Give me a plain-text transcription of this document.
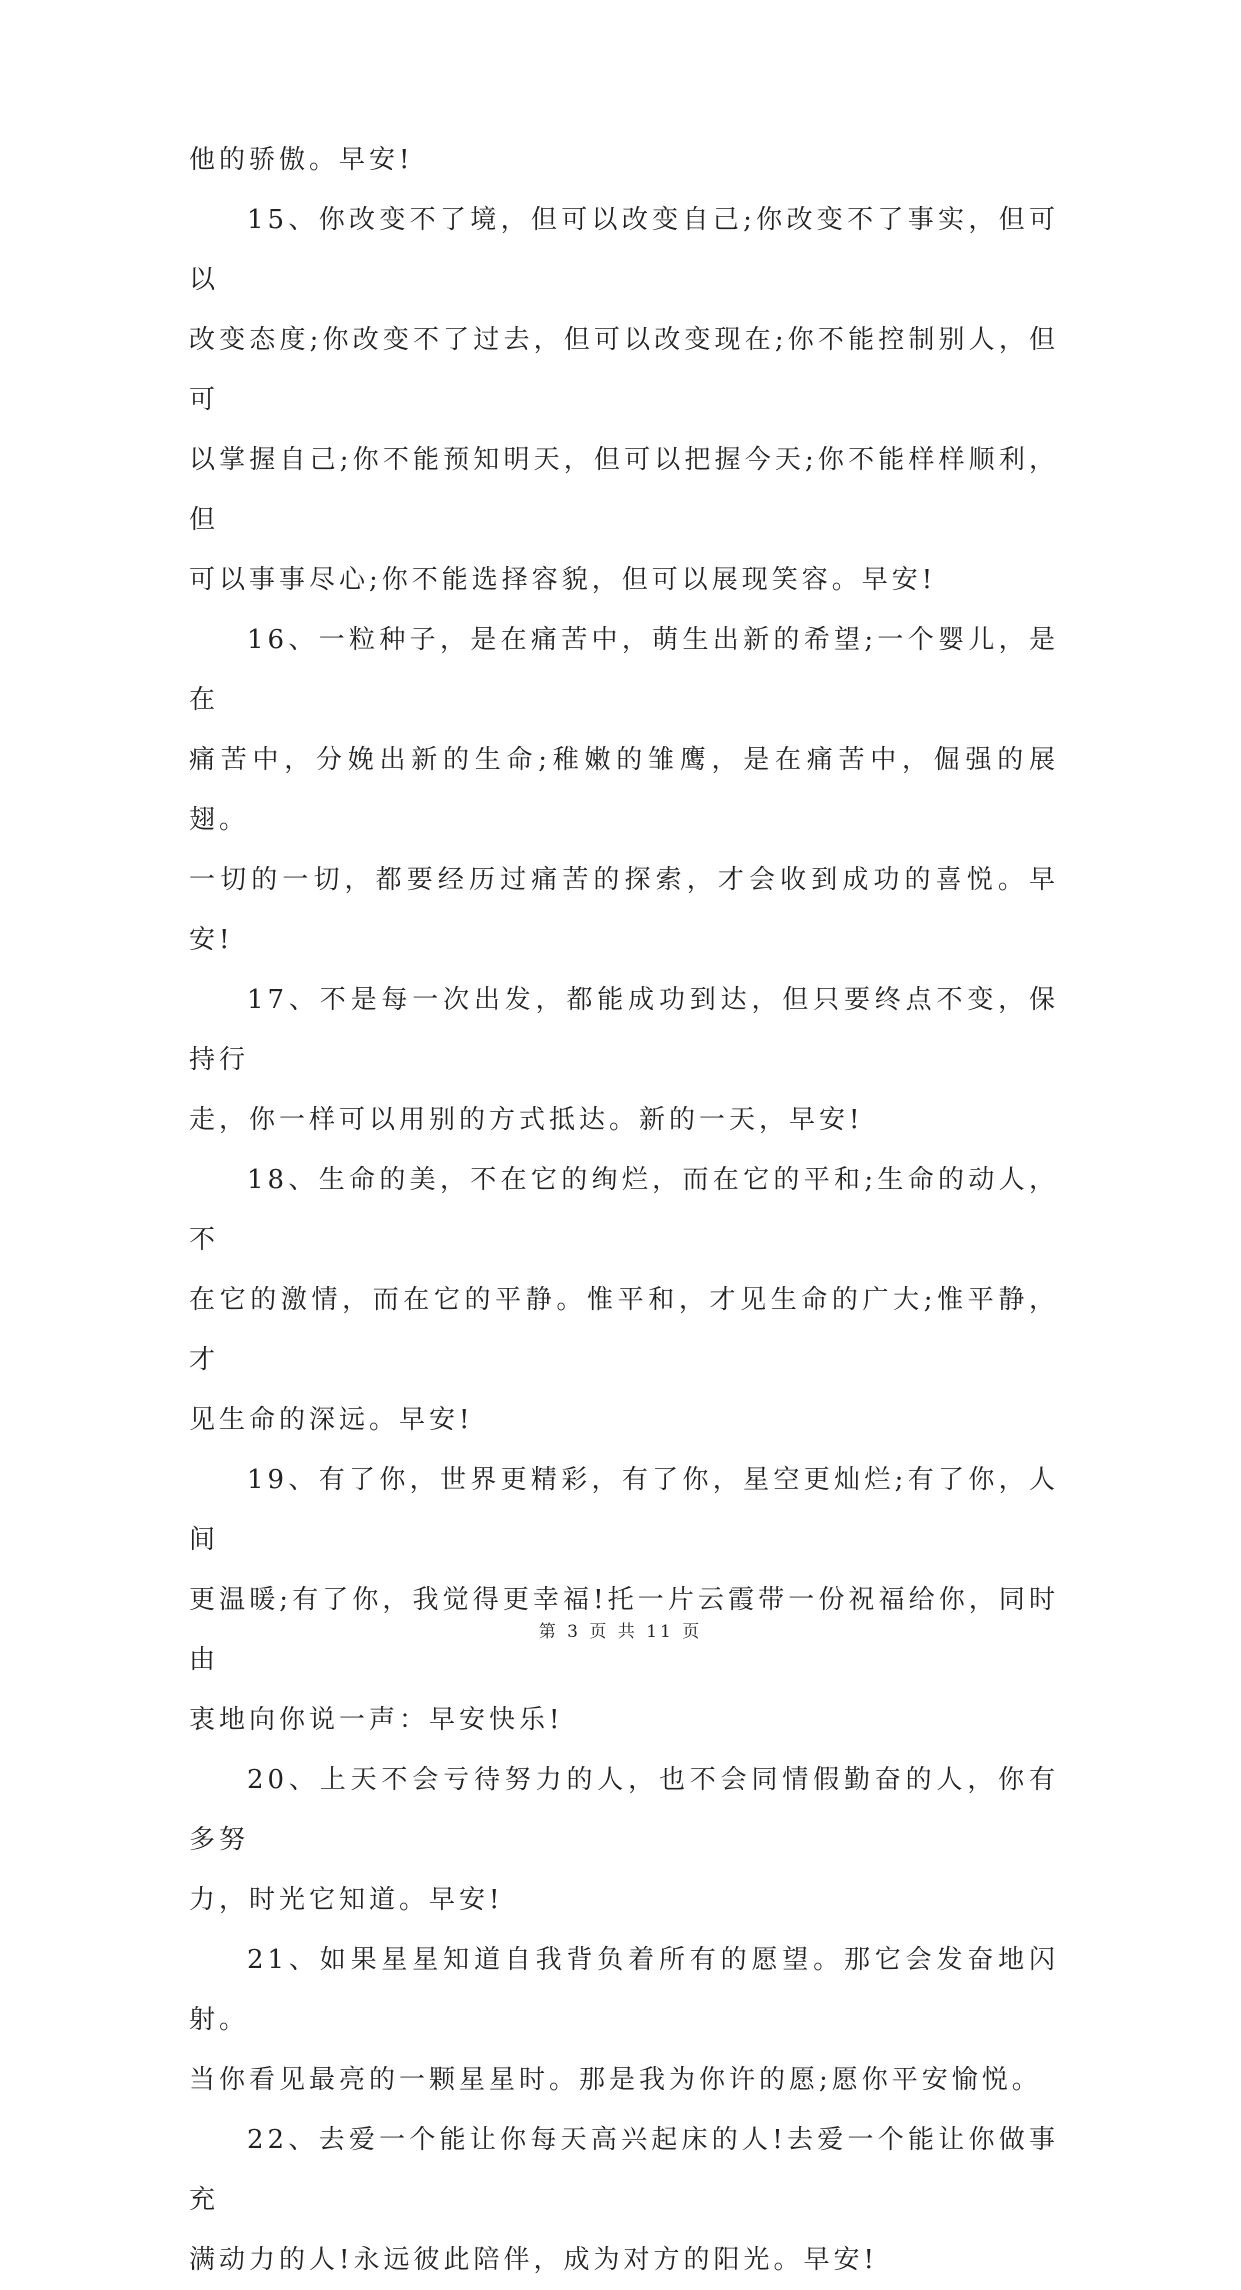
他的骄傲。早安!

15、你改变不了境，但可以改变自己;你改变不了事实，但可以
改变态度;你改变不了过去，但可以改变现在;你不能控制别人，但可
以掌握自己;你不能预知明天，但可以把握今天;你不能样样顺利，但
可以事事尽心;你不能选择容貌，但可以展现笑容。早安!

16、一粒种子，是在痛苦中，萌生出新的希望;一个婴儿，是在
痛苦中，分娩出新的生命;稚嫩的雏鹰，是在痛苦中，倔强的展翅。
一切的一切，都要经历过痛苦的探索，才会收到成功的喜悦。早安!

17、不是每一次出发，都能成功到达，但只要终点不变，保持行
走，你一样可以用别的方式抵达。新的一天，早安!

18、生命的美，不在它的绚烂，而在它的平和;生命的动人，不
在它的激情，而在它的平静。惟平和，才见生命的广大;惟平静，才
见生命的深远。早安!

19、有了你，世界更精彩，有了你，星空更灿烂;有了你，人间
更温暖;有了你，我觉得更幸福!托一片云霞带一份祝福给你，同时由
衷地向你说一声：早安快乐!

20、上天不会亏待努力的人，也不会同情假勤奋的人，你有多努
力，时光它知道。早安!

21、如果星星知道自我背负着所有的愿望。那它会发奋地闪射。
当你看见最亮的一颗星星时。那是我为你许的愿;愿你平安愉悦。

22、去爱一个能让你每天高兴起床的人!去爱一个能让你做事充
满动力的人!永远彼此陪伴，成为对方的阳光。早安!

第 3 页 共 11 页
